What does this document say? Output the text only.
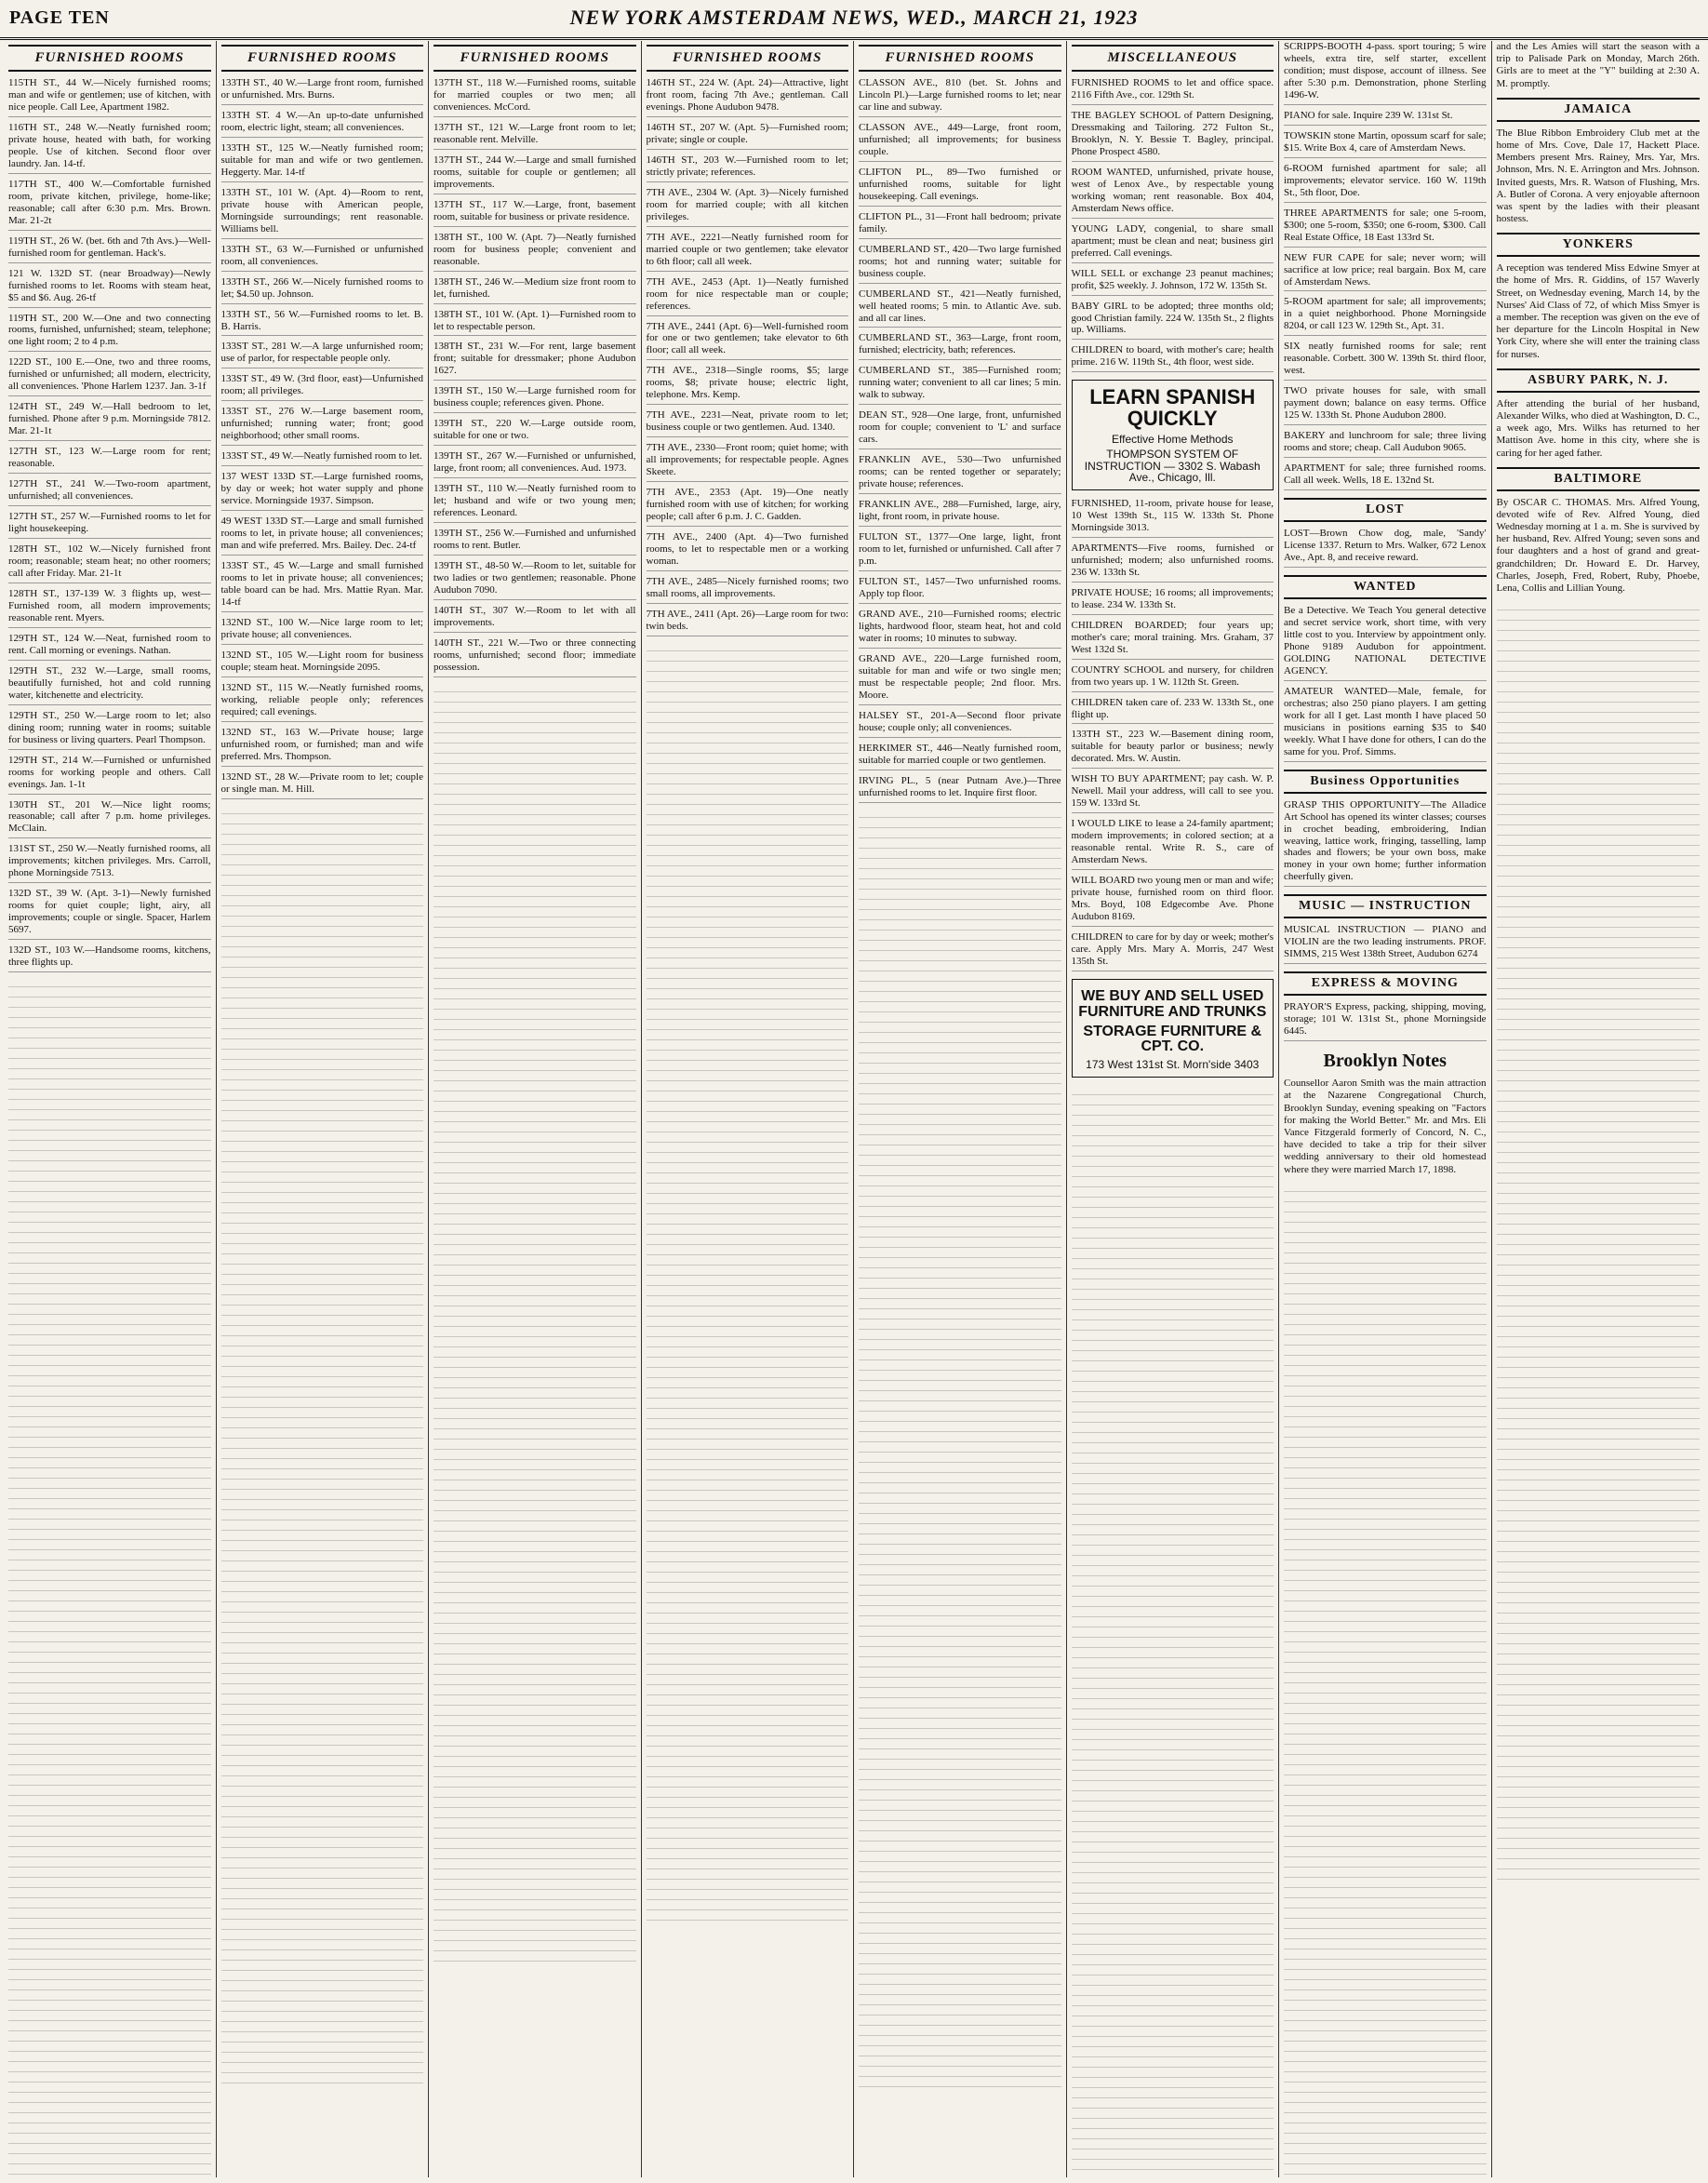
PAGE TEN	NEW YORK AMSTERDAM NEWS, WED., MARCH 21, 1923
FURNISHED ROOMS
115TH ST., 44 W.—Nicely furnished rooms; man and wife or gentlemen; use of kitchen, with nice people. Call Lee, Apartment 1982.
116TH ST., 248 W.—Neatly furnished room; private house, heated with bath, for working people. Use of kitchen. Second floor over laundry. Jan. 14-tf.
117TH ST., 400 W.—Comfortable furnished room, private kitchen, privilege, home-like; reasonable; call after 6:30 p.m. Mrs. Brown. Mar. 21-2t
119TH ST., 26 W. (bet. 6th and 7th Avs.)—Well-furnished room for gentleman. Hack's.
121 W. 132D ST. (near Broadway)—Newly furnished rooms to let. Rooms with steam heat, $5 and $6. Aug. 26-tf
119TH ST., 200 W.—One and two connecting rooms, furnished, unfurnished; steam, telephone; one light room; 2 to 4 p.m.
122D ST., 100 E.—One, two and three rooms, furnished or unfurnished; all modern, electricity, all conveniences. 'Phone Harlem 1237. Jan. 3-1f
124TH ST., 249 W.—Hall bedroom to let, furnished. Phone after 9 p.m. Morningside 7812. Mar. 21-1t
127TH ST., 123 W.—Large room for rent; reasonable.
127TH ST., 241 W.—Two-room apartment, unfurnished; all conveniences.
127TH ST., 257 W.—Furnished rooms to let for light housekeeping.
128TH ST., 102 W.—Nicely furnished front room; reasonable; steam heat; no other roomers; call after Friday. Mar. 21-1t
128TH ST., 137-139 W. 3 flights up, west—Furnished room, all modern improvements; reasonable rent. Myers.
129TH ST., 124 W.—Neat, furnished room to rent. Call morning or evenings. Nathan.
129TH ST., 232 W.—Large, small rooms, beautifully furnished, hot and cold running water, kitchenette and electricity.
129TH ST., 250 W.—Large room to let; also dining room; running water in rooms; suitable for business or living quarters. Pearl Thompson.
129TH ST., 214 W.—Furnished or unfurnished rooms for working people and others. Call evenings. Jan. 1-1t
130TH ST., 201 W.—Nice light rooms; reasonable; call after 7 p.m. home privileges. McClain.
131ST ST., 250 W.—Neatly furnished rooms, all improvements; kitchen privileges. Mrs. Carroll, phone Morningside 7513.
132D ST., 39 W. (Apt. 3-1)—Newly furnished rooms for quiet couple; light, airy, all improvements; couple or single. Spacer, Harlem 5697.
132D ST., 103 W.—Handsome rooms, kitchens, three flights up.
FURNISHED ROOMS
133TH ST., 40 W.—Large front room, furnished or unfurnished. Mrs. Burns.
133TH ST. 4 W.—An up-to-date unfurnished room, electric light, steam; all conveniences.
133TH ST., 125 W.—Neatly furnished room; suitable for man and wife or two gentlemen. Heggerty. Mar. 14-tf
133TH ST., 101 W. (Apt. 4)—Room to rent, private house with American people, Morningside surroundings; rent reasonable. Williams bell.
133TH ST., 63 W.—Furnished or unfurnished room, all conveniences.
133TH ST., 266 W.—Nicely furnished rooms to let; $4.50 up. Johnson.
133TH ST., 56 W.—Furnished rooms to let. B. B. Harris.
133ST ST., 281 W.—A large unfurnished room; use of parlor, for respectable people only.
133ST ST., 49 W. (3rd floor, east)—Unfurnished room; all privileges.
133ST ST., 276 W.—Large basement room, unfurnished; running water; front; good neighborhood; other small rooms.
133ST ST., 49 W.—Neatly furnished room to let.
137 WEST 133D ST.—Large furnished rooms, by day or week; hot water supply and phone service. Morningside 1937. Simpson.
49 WEST 133D ST.—Large and small furnished rooms to let, in private house; all conveniences; man and wife preferred. Mrs. Bailey. Dec. 24-tf
133ST ST., 45 W.—Large and small furnished rooms to let in private house; all conveniences; table board can be had. Mrs. Mattie Ryan. Mar. 14-tf
132ND ST., 100 W.—Nice large room to let; private house; all conveniences.
132ND ST., 105 W.—Light room for business couple; steam heat. Morningside 2095.
132ND ST., 115 W.—Neatly furnished rooms, working, reliable people only; references required; call evenings.
132ND ST., 163 W.—Private house; large unfurnished room, or furnished; man and wife preferred. Mrs. Thompson.
132ND ST., 28 W.—Private room to let; couple or single man. M. Hill.
FURNISHED ROOMS
137TH ST., 118 W.—Furnished rooms, suitable for married couples or two men; all conveniences. McCord.
137TH ST., 121 W.—Large front room to let; reasonable rent. Melville.
137TH ST., 244 W.—Large and small furnished rooms, suitable for couple or gentlemen; all improvements.
137TH ST., 117 W.—Large, front, basement room, suitable for business or private residence.
138TH ST., 100 W. (Apt. 7)—Neatly furnished room for business people; convenient and reasonable.
138TH ST., 246 W.—Medium size front room to let, furnished.
138TH ST., 101 W. (Apt. 1)—Furnished room to let to respectable person.
138TH ST., 231 W.—For rent, large basement front; suitable for dressmaker; phone Audubon 1627.
139TH ST., 150 W.—Large furnished room for business couple; references given. Phone.
139TH ST., 220 W.—Large outside room, suitable for one or two.
139TH ST., 267 W.—Furnished or unfurnished, large, front room; all conveniences. Aud. 1973.
139TH ST., 110 W.—Neatly furnished room to let; husband and wife or two young men; references. Leonard.
139TH ST., 256 W.—Furnished and unfurnished rooms to rent. Butler.
139TH ST., 48-50 W.—Room to let, suitable for two ladies or two gentlemen; reasonable. Phone Audubon 7090.
140TH ST., 307 W.—Room to let with all improvements.
140TH ST., 221 W.—Two or three connecting rooms, unfurnished; second floor; immediate possession.
FURNISHED ROOMS
146TH ST., 224 W. (Apt. 24)—Attractive, light front room, facing 7th Ave.; gentleman. Call evenings. Phone Audubon 9478.
146TH ST., 207 W. (Apt. 5)—Furnished room; private; single or couple.
146TH ST., 203 W.—Furnished room to let; strictly private; references.
7TH AVE., 2304 W. (Apt. 3)—Nicely furnished room for married couple; with all kitchen privileges.
7TH AVE., 2221—Neatly furnished room for married couple or two gentlemen; take elevator to 6th floor; call all week.
7TH AVE., 2453 (Apt. 1)—Neatly furnished room for nice respectable man or couple; references.
7TH AVE., 2441 (Apt. 6)—Well-furnished room for one or two gentlemen; take elevator to 6th floor; call all week.
7TH AVE., 2318—Single rooms, $5; large rooms, $8; private house; electric light, telephone. Mrs. Kemp.
7TH AVE., 2231—Neat, private room to let; business couple or two gentlemen. Aud. 1340.
7TH AVE., 2330—Front room; quiet home; with all improvements; for respectable people. Agnes Skeete.
7TH AVE., 2353 (Apt. 19)—One neatly furnished room with use of kitchen; for working people; call after 6 p.m. J. C. Gadden.
7TH AVE., 2400 (Apt. 4)—Two furnished rooms, to let to respectable men or a working woman.
7TH AVE., 2485—Nicely furnished rooms; two small rooms, all improvements.
7TH AVE., 2411 (Apt. 26)—Large room for two: twin beds.
FURNISHED ROOMS
CLASSON AVE., 810 (bet. St. Johns and Lincoln Pl.)—Large furnished rooms to let; near car line and subway.
CLASSON AVE., 449—Large, front room, unfurnished; all improvements; for business couple.
CLIFTON PL., 89—Two furnished or unfurnished rooms, suitable for light housekeeping. Call evenings.
CLIFTON PL., 31—Front hall bedroom; private family.
CUMBERLAND ST., 420—Two large furnished rooms; hot and running water; suitable for business couple.
CUMBERLAND ST., 421—Neatly furnished, well heated rooms; 5 min. to Atlantic Ave. sub. and all car lines.
CUMBERLAND ST., 363—Large, front room, furnished; electricity, bath; references.
CUMBERLAND ST., 385—Furnished room; running water; convenient to all car lines; 5 min. walk to subway.
DEAN ST., 928—One large, front, unfurnished room for couple; convenient to 'L' and surface cars.
FRANKLIN AVE., 530—Two unfurnished rooms; can be rented together or separately; private house; references.
FRANKLIN AVE., 288—Furnished, large, airy, light, front room, in private house.
FULTON ST., 1377—One large, light, front room to let, furnished or unfurnished. Call after 7 p.m.
FULTON ST., 1457—Two unfurnished rooms. Apply top floor.
GRAND AVE., 210—Furnished rooms; electric lights, hardwood floor, steam heat, hot and cold water in rooms; 10 minutes to subway.
GRAND AVE., 220—Large furnished room, suitable for man and wife or two single men; must be respectable people; 2nd floor. Mrs. Moore.
HALSEY ST., 201-A—Second floor private house; couple only; all conveniences.
HERKIMER ST., 446—Neatly furnished room, suitable for married couple or two gentlemen.
IRVING PL., 5 (near Putnam Ave.)—Three unfurnished rooms to let. Inquire first floor.
MISCELLANEOUS
FURNISHED ROOMS to let and office space. 2116 Fifth Ave., cor. 129th St.
THE BAGLEY SCHOOL of Pattern Designing, Dressmaking and Tailoring. 272 Fulton St., Brooklyn, N. Y. Bessie T. Bagley, principal. Phone Prospect 4580.
ROOM WANTED, unfurnished, private house, west of Lenox Ave., by respectable young working woman; rent reasonable. Box 404, Amsterdam News office.
YOUNG LADY, congenial, to share small apartment; must be clean and neat; business girl preferred. Call evenings.
WILL SELL or exchange 23 peanut machines; profit, $25 weekly. J. Johnson, 172 W. 135th St.
BABY GIRL to be adopted; three months old; good Christian family. 224 W. 135th St., 2 flights up. Williams.
CHILDREN to board, with mother's care; health prime. 216 W. 119th St., 4th floor, west side.
LEARN SPANISH QUICKLY
Effective Home Methods
THOMPSON SYSTEM OF INSTRUCTION — 3302 S. Wabash Ave., Chicago, Ill.
FURNISHED, 11-room, private house for lease, 10 West 139th St., 115 W. 133th St. Phone Morningside 3013.
APARTMENTS—Five rooms, furnished or unfurnished; modern; also unfurnished rooms. 236 W. 133th St.
PRIVATE HOUSE; 16 rooms; all improvements; to lease. 234 W. 133th St.
CHILDREN BOARDED; four years up; mother's care; moral training. Mrs. Graham, 37 West 132d St.
COUNTRY SCHOOL and nursery, for children from two years up. 1 W. 112th St. Green.
CHILDREN taken care of. 233 W. 133th St., one flight up.
133TH ST., 223 W.—Basement dining room, suitable for beauty parlor or business; newly decorated. Mrs. W. Austin.
WISH TO BUY APARTMENT; pay cash. W. P. Newell. Mail your address, will call to see you. 159 W. 133rd St.
I WOULD LIKE to lease a 24-family apartment; modern improvements; in colored section; at a reasonable rental. Write R. S., care of Amsterdam News.
WILL BOARD two young men or man and wife; private house, furnished room on third floor. Mrs. Boyd, 108 Edgecombe Ave. Phone Audubon 8169.
CHILDREN to care for by day or week; mother's care. Apply Mrs. Mary A. Morris, 247 West 135th St.
WE BUY AND SELL USED FURNITURE AND TRUNKS
STORAGE FURNITURE & CPT. CO.
173 West 131st St. Morn'side 3403
SCRIPPS-BOOTH 4-pass. sport touring; 5 wire wheels, extra tire, self starter, excellent condition; must dispose, account of illness. See after 5:30 p.m. Demonstration, phone Sterling 1496-W.
PIANO for sale. Inquire 239 W. 131st St.
TOWSKIN stone Martin, opossum scarf for sale; $15. Write Box 4, care of Amsterdam News.
6-ROOM furnished apartment for sale; all improvements; elevator service. 160 W. 119th St., 5th floor, Doe.
THREE APARTMENTS for sale; one 5-room, $300; one 5-room, $350; one 6-room, $300. Call Real Estate Office, 18 East 133rd St.
NEW FUR CAPE for sale; never worn; will sacrifice at low price; real bargain. Box M, care of Amsterdam News.
5-ROOM apartment for sale; all improvements; in a quiet neighborhood. Phone Morningside 8204, or call 123 W. 129th St., Apt. 31.
SIX neatly furnished rooms for sale; rent reasonable. Corbett. 300 W. 139th St. third floor, west.
TWO private houses for sale, with small payment down; balance on easy terms. Office 125 W. 133th St. Phone Audubon 2800.
BAKERY and lunchroom for sale; three living rooms and store; cheap. Call Audubon 9065.
APARTMENT for sale; three furnished rooms. Call all week. Wells, 18 E. 132nd St.
LOST
LOST—Brown Chow dog, male, 'Sandy' License 1337. Return to Mrs. Walker, 672 Lenox Ave., Apt. 8, and receive reward.
WANTED
Be a Detective. We Teach You general detective and secret service work, short time, with very little cost to you. Interview by appointment only. Phone 9189 Audubon for appointment. GOLDING NATIONAL DETECTIVE AGENCY.
AMATEUR WANTED—Male, female, for orchestras; also 250 piano players. I am getting work for all I get. Last month I have placed 50 musicians in positions earning $35 to $40 weekly. What I have done for others, I can do the same for you. Prof. Simms.
Business Opportunities
GRASP THIS OPPORTUNITY—The Alladice Art School has opened its winter classes; courses in crochet beading, embroidering, Indian weaving, lattice work, fringing, tasselling, lamp shades and flowers; be your own boss, make money in your own home; further information cheerfully given.
MUSIC — INSTRUCTION
MUSICAL INSTRUCTION — PIANO and VIOLIN are the two leading instruments. PROF. SIMMS, 215 West 138th Street, Audubon 6274
EXPRESS & MOVING
PRAYOR'S Express, packing, shipping, moving, storage; 101 W. 131st St., phone Morningside 6445.
Brooklyn Notes

Counsellor Aaron Smith was the main attraction at the Nazarene Congregational Church, Brooklyn Sunday, evening speaking on "Factors for making the World Better." Mr. and Mrs. Eli Vance Fitzgerald formerly of Concord, N. C., have decided to take a trip for their silver wedding anniversary to their old homestead where they were married March 17, 1898.

and the Les Amies will start the season with a trip to Palisade Park on Monday, March 26th. Girls are to meet at the "Y" building at 2:30 A. M. promptly.

JAMAICA

The Blue Ribbon Embroidery Club met at the home of Mrs. Cove, Dale 17, Hackett Place. Members present Mrs. Rainey, Mrs. Yar, Mrs. Johnson, Mrs. N. E. Arrington and Mrs. Johnson. Invited guests, Mrs. R. Watson of Flushing, Mrs. A. Butler of Corona. A very enjoyable afternoon was spent by the ladies with their pleasant hostess.

YONKERS

A reception was tendered Miss Edwine Smyer at the home of Mrs. R. Giddins, of 157 Waverly Street, on Wednesday evening, March 14, by the Nurses' Aid Class of 72, of which Miss Smyer is a member. The reception was given on the eve of her departure for the Lincoln Hospital in New York City, where she will enter the training class for nurses.

ASBURY PARK, N. J.

After attending the burial of her husband, Alexander Wilks, who died at Washington, D. C., a week ago, Mrs. Wilks has returned to her Mattison Ave. home in this city, where she is caring for her aged father.

BALTIMORE

By OSCAR C. THOMAS. Mrs. Alfred Young, devoted wife of Rev. Alfred Young, died Wednesday morning at 1 a. m. She is survived by her husband, Rev. Alfred Young; seven sons and four daughters and a host of grand and great-grandchildren; Dr. Howard E. Dr. Harvey, Charles, Joseph, Fred, Robert, Ruby, Phoebe, Lena, Collis and Lillian Young.
